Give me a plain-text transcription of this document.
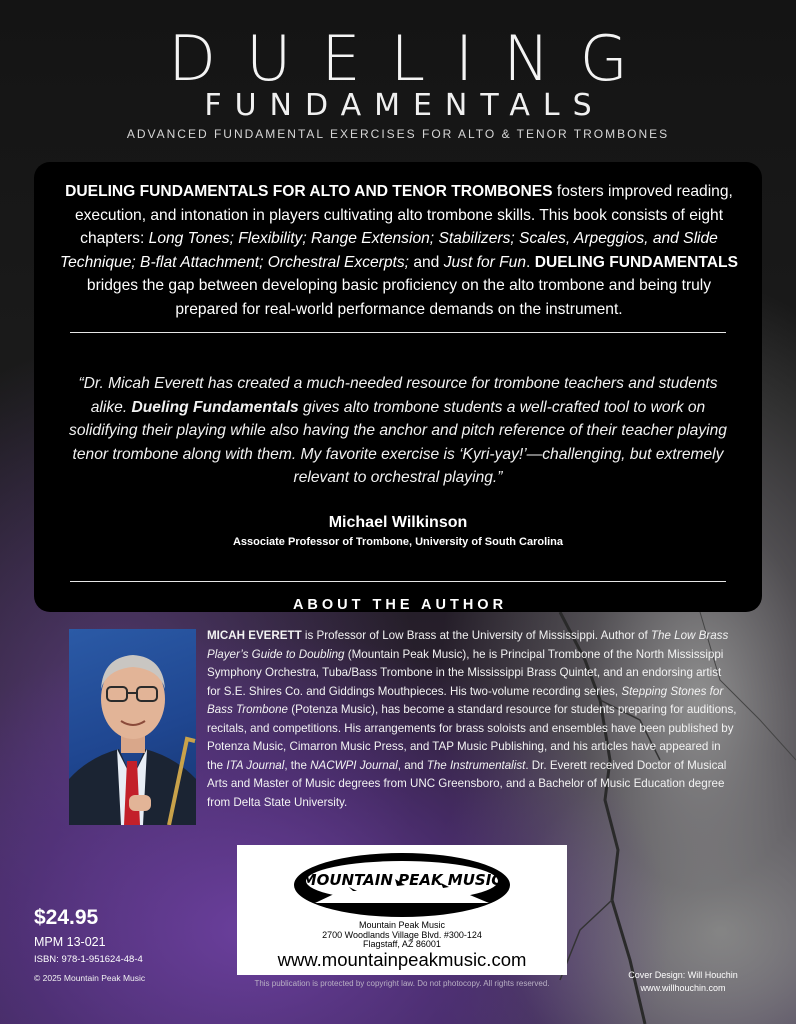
DUELING
FUNDAMENTALS
ADVANCED FUNDAMENTAL EXERCISES FOR ALTO & TENOR TROMBONES
DUELING FUNDAMENTALS FOR ALTO AND TENOR TROMBONES fosters improved reading, execution, and intonation in players cultivating alto trombone skills. This book consists of eight chapters: Long Tones; Flexibility; Range Extension; Stabilizers; Scales, Arpeggios, and Slide Technique; B-flat Attachment; Orchestral Excerpts; and Just for Fun. DUELING FUNDAMENTALS bridges the gap between developing basic proficiency on the alto trombone and being truly prepared for real-world performance demands on the instrument.
“Dr. Micah Everett has created a much-needed resource for trombone teachers and students alike. Dueling Fundamentals gives alto trombone students a well-crafted tool to work on solidifying their playing while also having the anchor and pitch reference of their teacher playing tenor trombone along with them. My favorite exercise is ‘Kyri-yay!’—challenging, but extremely relevant to orchestral playing.”
Michael Wilkinson
Associate Professor of Trombone, University of South Carolina
ABOUT THE AUTHOR
MICAH EVERETT is Professor of Low Brass at the University of Mississippi. Author of The Low Brass Player’s Guide to Doubling (Mountain Peak Music), he is Principal Trombone of the North Mississippi Symphony Orchestra, Tuba/Bass Trombone in the Mississippi Brass Quintet, and an endorsing artist for S.E. Shires Co. and Giddings Mouthpieces. His two-volume recording series, Stepping Stones for Bass Trombone (Potenza Music), has become a standard resource for students preparing for auditions, recitals, and competitions. His arrangements for brass soloists and ensembles have been published by Potenza Music, Cimarron Music Press, and TAP Music Publishing, and his articles have appeared in the ITA Journal, the NACWPI Journal, and The Instrumentalist. Dr. Everett received Doctor of Musical Arts and Master of Music degrees from UNC Greensboro, and a Bachelor of Music Education degree from Delta State University.
MOUNTAIN PEAK MUSIC
Mountain Peak Music
2700 Woodlands Village Blvd. #300-124
Flagstaff, AZ 86001
www.mountainpeakmusic.com
This publication is protected by copyright law. Do not photocopy. All rights reserved.
$24.95
MPM 13-021
ISBN: 978-1-951624-48-4
© 2025 Mountain Peak Music	Cover Design: Will Houchin
www.willhouchin.com
